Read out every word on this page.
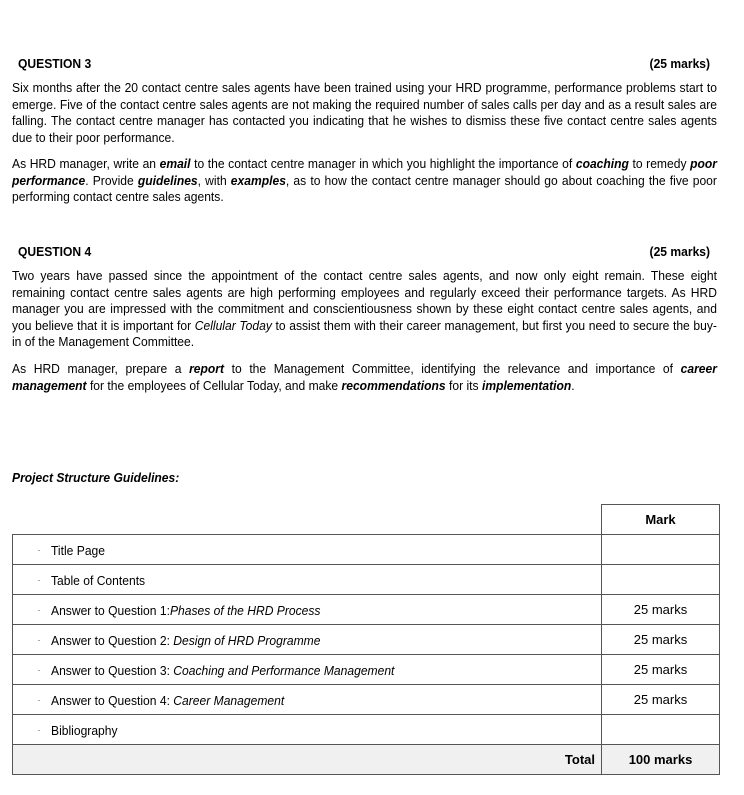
QUESTION 3	(25 marks)
Six months after the 20 contact centre sales agents have been trained using your HRD programme, performance problems start to emerge. Five of the contact centre sales agents are not making the required number of sales calls per day and as a result sales are falling. The contact centre manager has contacted you indicating that he wishes to dismiss these five contact centre sales agents due to their poor performance.
As HRD manager, write an email to the contact centre manager in which you highlight the importance of coaching to remedy poor performance. Provide guidelines, with examples, as to how the contact centre manager should go about coaching the five poor performing contact centre sales agents.
QUESTION 4	(25 marks)
Two years have passed since the appointment of the contact centre sales agents, and now only eight remain. These eight remaining contact centre sales agents are high performing employees and regularly exceed their performance targets. As HRD manager you are impressed with the commitment and conscientiousness shown by these eight contact centre sales agents, and you believe that it is important for Cellular Today to assist them with their career management, but first you need to secure the buy-in of the Management Committee.
As HRD manager, prepare a report to the Management Committee, identifying the relevance and importance of career management for the employees of Cellular Today, and make recommendations for its implementation.
Project Structure Guidelines:
	Mark
· Title Page	
· Table of Contents	
· Answer to Question 1:Phases of the HRD Process	25 marks
· Answer to Question 2: Design of HRD Programme	25 marks
· Answer to Question 3: Coaching and Performance Management	25 marks
· Answer to Question 4: Career Management	25 marks
· Bibliography	
Total	100 marks
